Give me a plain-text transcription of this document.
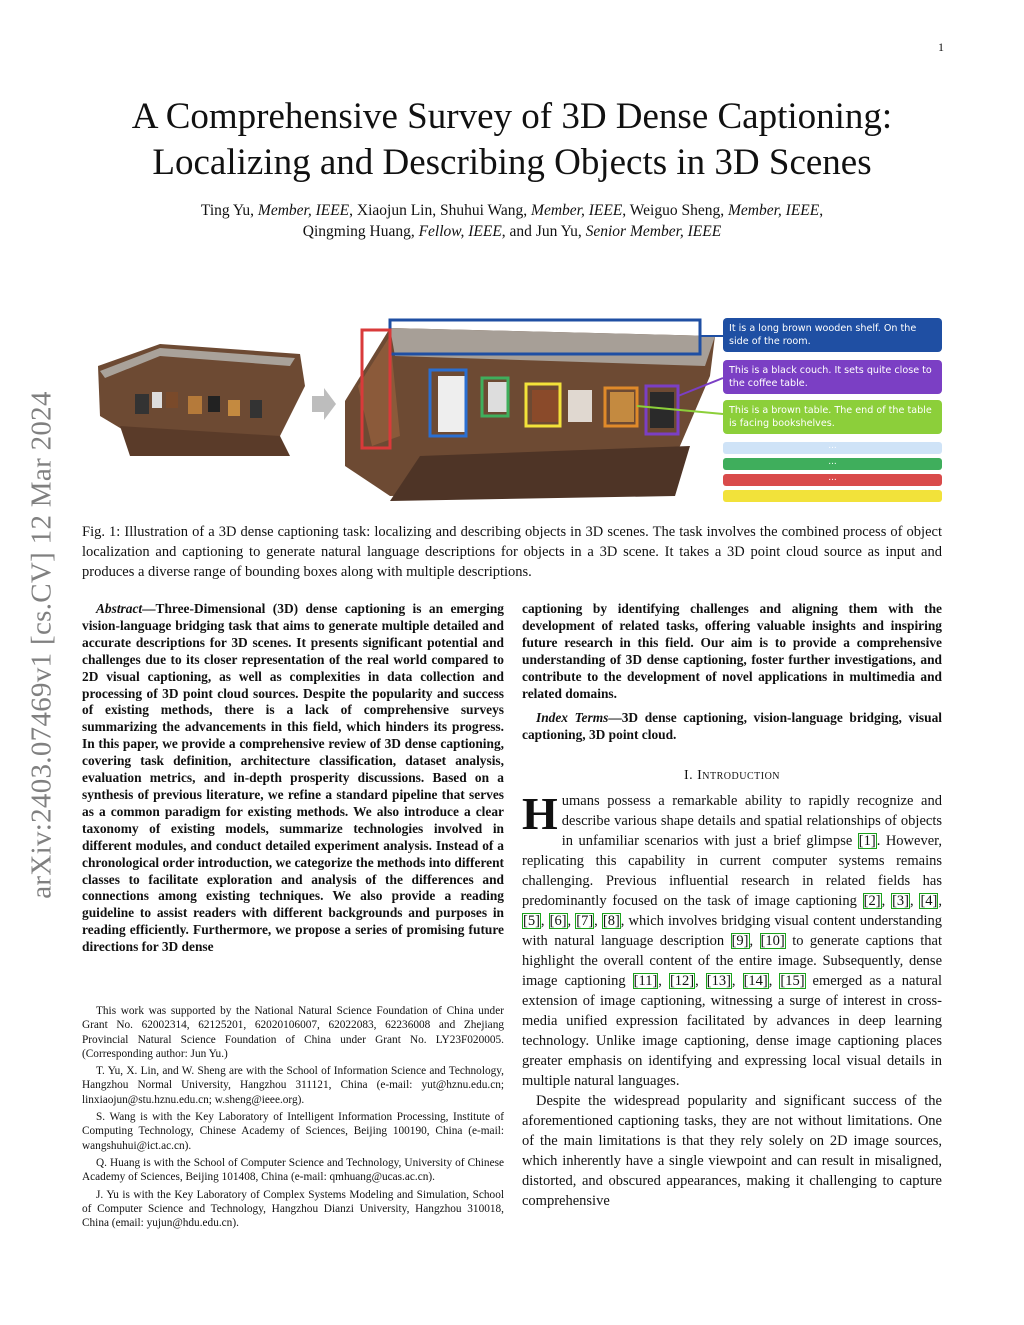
1
arXiv:2403.07469v1 [cs.CV] 12 Mar 2024
A Comprehensive Survey of 3D Dense Captioning:
Localizing and Describing Objects in 3D Scenes
Ting Yu, Member, IEEE, Xiaojun Lin, Shuhui Wang, Member, IEEE, Weiguo Sheng, Member, IEEE,
Qingming Huang, Fellow, IEEE, and Jun Yu, Senior Member, IEEE
It is a long brown wooden shelf. On the side of the room.
This is a black couch. It sets quite close to the coffee table.
This is a brown table. The end of the table is facing bookshelves.
...
...
...
Fig. 1: Illustration of a 3D dense captioning task: localizing and describing objects in 3D scenes. The task involves the combined process of object localization and captioning to generate natural language descriptions for objects in a 3D scene. It takes a 3D point cloud source as input and produces a diverse range of bounding boxes along with multiple descriptions.
Abstract—Three-Dimensional (3D) dense captioning is an emerging vision-language bridging task that aims to generate multiple detailed and accurate descriptions for 3D scenes. It presents significant potential and challenges due to its closer representation of the real world compared to 2D visual captioning, as well as complexities in data collection and processing of 3D point cloud sources. Despite the popularity and success of existing methods, there is a lack of comprehensive surveys summarizing the advancements in this field, which hinders its progress. In this paper, we provide a comprehensive review of 3D dense captioning, covering task definition, architecture classification, dataset analysis, evaluation metrics, and in-depth prosperity discussions. Based on a synthesis of previous literature, we refine a standard pipeline that serves as a common paradigm for existing methods. We also introduce a clear taxonomy of existing models, summarize technologies involved in different modules, and conduct detailed experiment analysis. Instead of a chronological order introduction, we categorize the methods into different classes to facilitate exploration and analysis of the differences and connections among existing techniques. We also provide a reading guideline to assist readers with different backgrounds and purposes in reading efficiently. Furthermore, we propose a series of promising future directions for 3D dense
captioning by identifying challenges and aligning them with the development of related tasks, offering valuable insights and inspiring future research in this field. Our aim is to provide a comprehensive understanding of 3D dense captioning, foster further investigations, and contribute to the development of novel applications in multimedia and related domains.
Index Terms—3D dense captioning, vision-language bridging, visual captioning, 3D point cloud.
I. Introduction

Humans possess a remarkable ability to rapidly recognize and describe various shape details and spatial relationships of objects in unfamiliar scenarios with just a brief glimpse [1]. However, replicating this capability in current computer systems remains challenging. Previous influential research in related fields has predominantly focused on the task of image captioning [2], [3], [4], [5], [6], [7], [8], which involves bridging visual content understanding with natural language description [9], [10] to generate captions that highlight the overall content of the entire image. Subsequently, dense image captioning [11], [12], [13], [14], [15] emerged as a natural extension of image captioning, witnessing a surge of interest in cross-media unified expression facilitated by advances in deep learning technology. Unlike image captioning, dense image captioning places greater emphasis on identifying and expressing local visual details in multiple natural languages.

Despite the widespread popularity and significant success of the aforementioned captioning tasks, they are not without limitations. One of the main limitations is that they rely solely on 2D image sources, which inherently have a single viewpoint and can result in misaligned, distorted, and obscured appearances, making it challenging to capture comprehensive

This work was supported by the National Natural Science Foundation of China under Grant No. 62002314, 62125201, 62020106007, 62022083, 62236008 and Zhejiang Provincial Natural Science Foundation of China under Grant No. LY23F020005. (Corresponding author: Jun Yu.)

T. Yu, X. Lin, and W. Sheng are with the School of Information Science and Technology, Hangzhou Normal University, Hangzhou 311121, China (e-mail: yut@hznu.edu.cn; linxiaojun@stu.hznu.edu.cn; w.sheng@ieee.org).

S. Wang is with the Key Laboratory of Intelligent Information Processing, Institute of Computing Technology, Chinese Academy of Sciences, Beijing 100190, China (e-mail: wangshuhui@ict.ac.cn).

Q. Huang is with the School of Computer Science and Technology, University of Chinese Academy of Sciences, Beijing 101408, China (e-mail: qmhuang@ucas.ac.cn).

J. Yu is with the Key Laboratory of Complex Systems Modeling and Simulation, School of Computer Science and Technology, Hangzhou Dianzi University, Hangzhou 310018, China (email: yujun@hdu.edu.cn).
